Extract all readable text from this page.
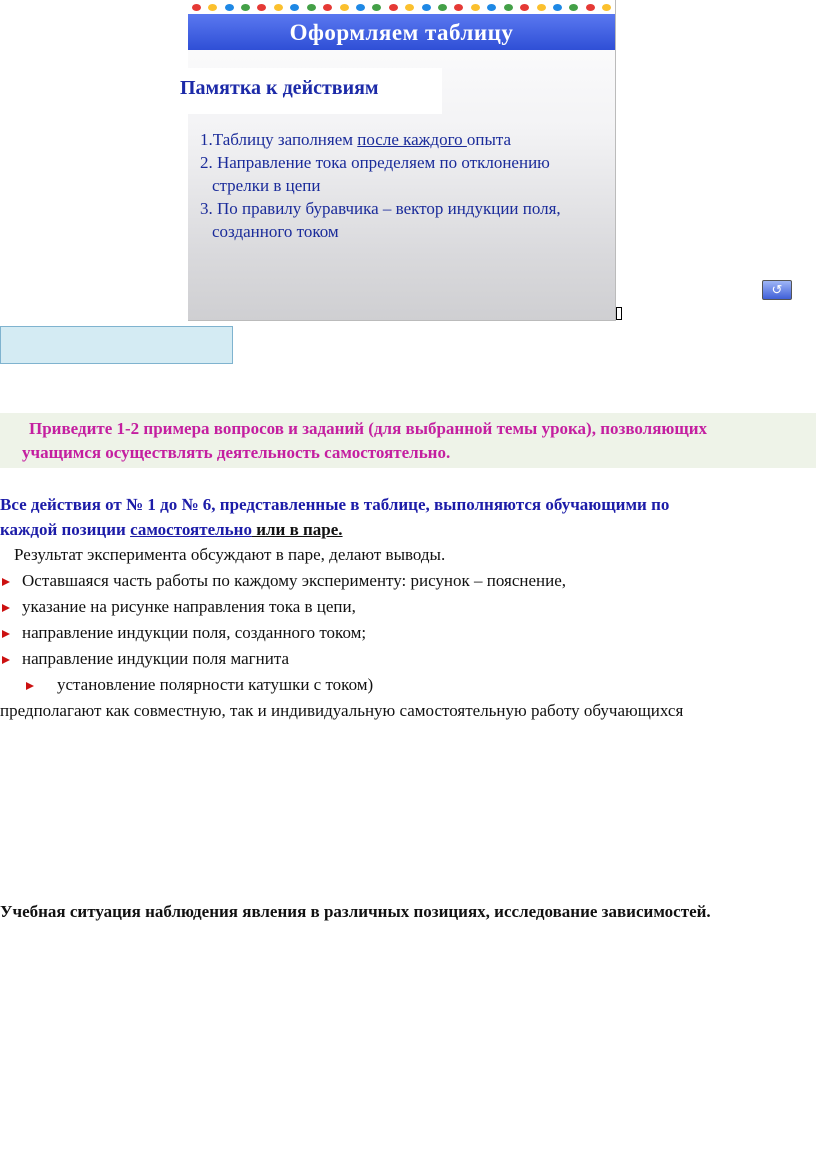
Оформляем таблицу
↺
Памятка к действиям
1.Таблицу заполняем после каждого опыта
2. Направление тока определяем по отклонению
стрелки в цепи
3. По правилу буравчика – вектор индукции поля,
созданного током
Приведите 1-2 примера вопросов и заданий (для выбранной темы урока), позволяющих
учащимся осуществлять деятельность самостоятельно.
Все действия от № 1 до № 6, представленные в таблице, выполняются обучающими по
каждой позиции самостоятельно или в паре.
Результат эксперимента обсуждают в паре, делают выводы.
Оставшаяся часть работы по каждому эксперименту: рисунок – пояснение,
указание на рисунке направления тока в цепи,
направление индукции поля, созданного током;
направление индукции поля магнита
установление полярности катушки с током)
предполагают как совместную, так и индивидуальную самостоятельную работу обучающихся
Учебная ситуация наблюдения явления в различных позициях, исследование зависимостей.
